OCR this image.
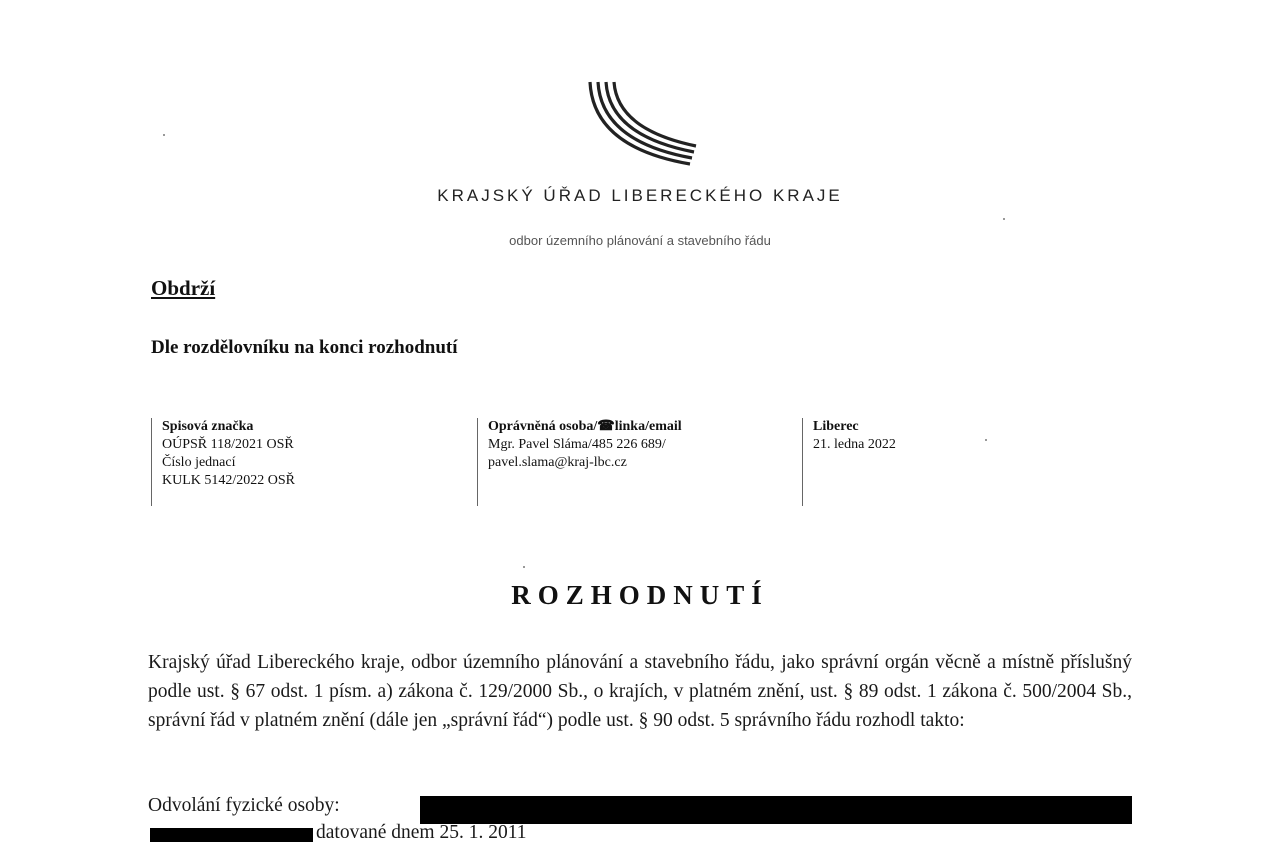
KRAJSKÝ ÚŘAD LIBERECKÉHO KRAJE
odbor územního plánování a stavebního řádu
Obdrží
Dle rozdělovníku na konci rozhodnutí
Spisová značka
OÚPSŘ 118/2021 OSŘ
Číslo jednací
KULK 5142/2022 OSŘ
Oprávněná osoba/☎linka/email
Mgr. Pavel Sláma/485 226 689/
pavel.slama@kraj-lbc.cz
Liberec
21. ledna 2022
ROZHODNUTÍ
Krajský úřad Libereckého kraje, odbor územního plánování a stavebního řádu, jako správní orgán věcně a místně příslušný podle ust. § 67 odst. 1 písm. a) zákona č. 129/2000 Sb., o krajích, v platném znění, ust. § 89 odst. 1 zákona č. 500/2004 Sb., správní řád v platném znění (dále jen „správní řád“) podle ust. § 90 odst. 5 správního řádu rozhodl takto:
Odvolání fyzické osoby:
datované dnem 25. 1. 2011
